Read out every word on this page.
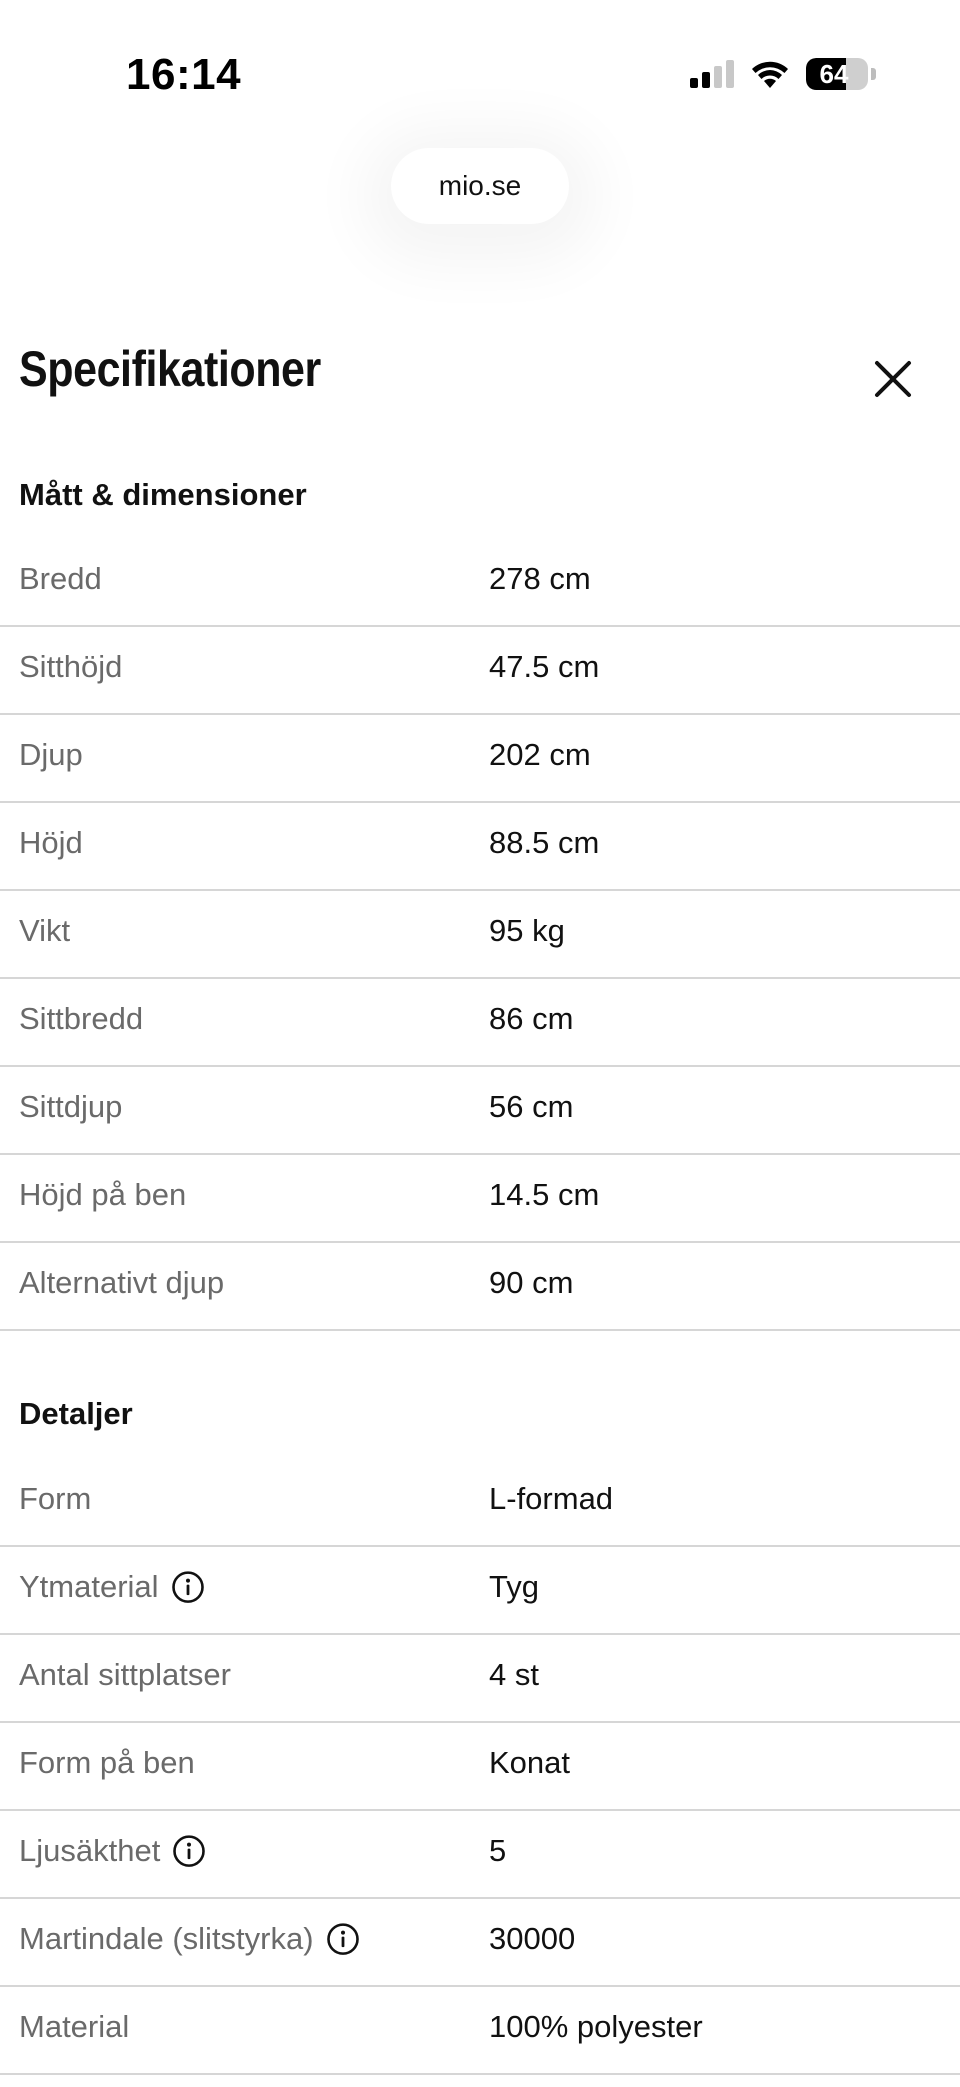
16:14	64
mio.se
Specifikationer
Mått & dimensioner
Bredd	278 cm
Sitthöjd	47.5 cm
Djup	202 cm
Höjd	88.5 cm
Vikt	95 kg
Sittbredd	86 cm
Sittdjup	56 cm
Höjd på ben	14.5 cm
Alternativt djup	90 cm
Detaljer
Form	L-formad
Ytmaterial	Tyg
Antal sittplatser	4 st
Form på ben	Konat
Ljusäkthet	5
Martindale (slitstyrka)	30000
Material	100% polyester
